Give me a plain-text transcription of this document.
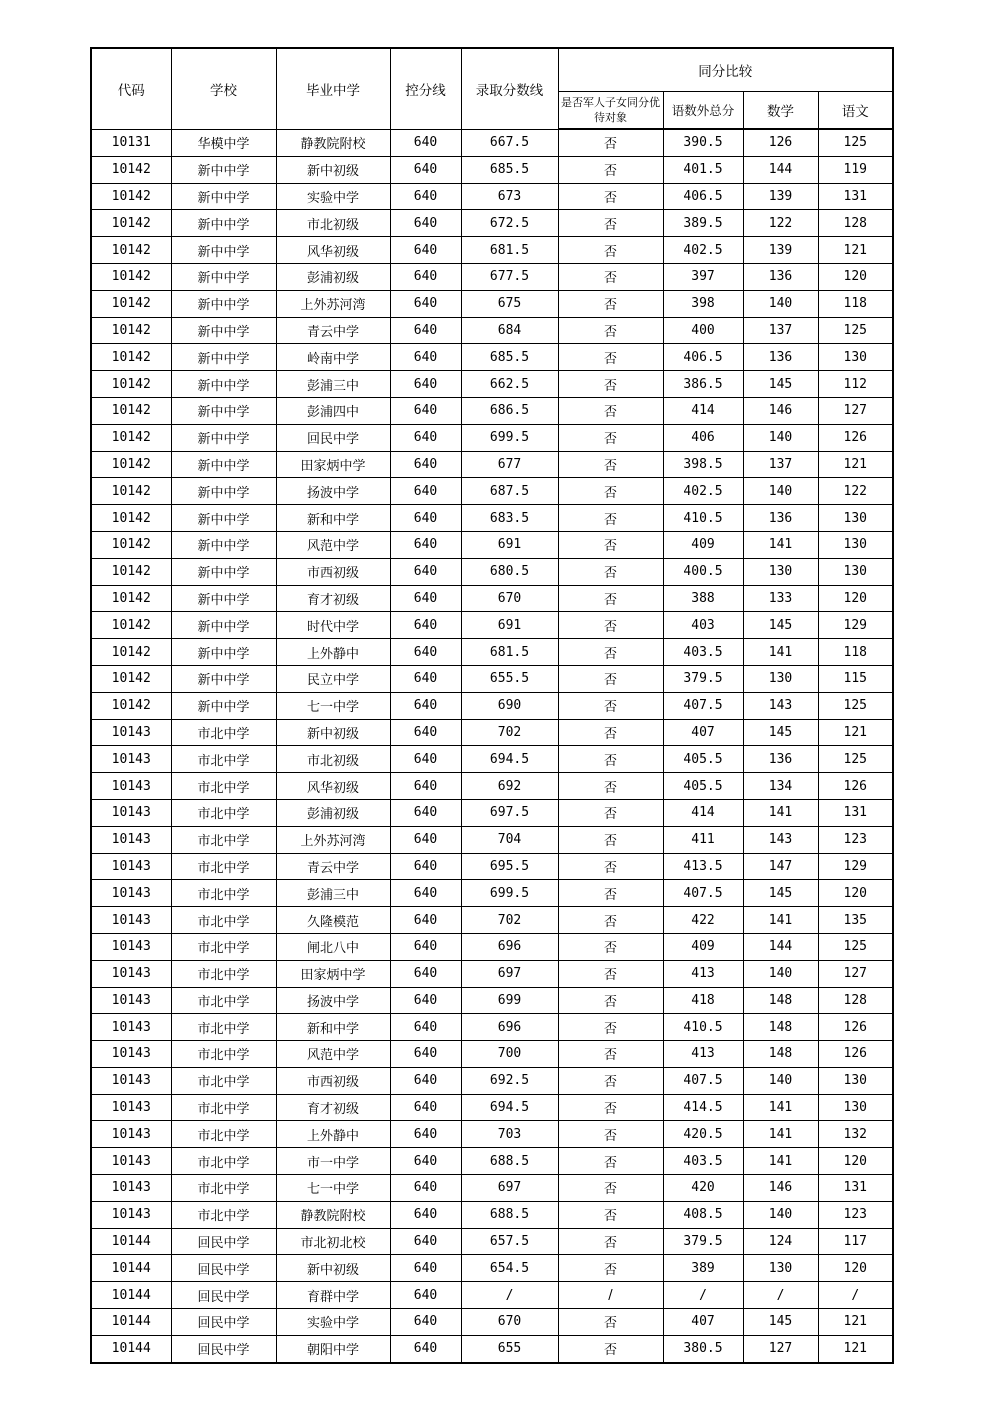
代码	学校	毕业中学	控分线	录取分数线	同分比较			
					是否军人子女同分优待对象	语数外总分	数学	语文
10131	华模中学	静教院附校	640	667.5	否	390.5	126	125
10142	新中中学	新中初级	640	685.5	否	401.5	144	119
10142	新中中学	实验中学	640	673	否	406.5	139	131
10142	新中中学	市北初级	640	672.5	否	389.5	122	128
10142	新中中学	风华初级	640	681.5	否	402.5	139	121
10142	新中中学	彭浦初级	640	677.5	否	397	136	120
10142	新中中学	上外苏河湾	640	675	否	398	140	118
10142	新中中学	青云中学	640	684	否	400	137	125
10142	新中中学	岭南中学	640	685.5	否	406.5	136	130
10142	新中中学	彭浦三中	640	662.5	否	386.5	145	112
10142	新中中学	彭浦四中	640	686.5	否	414	146	127
10142	新中中学	回民中学	640	699.5	否	406	140	126
10142	新中中学	田家炳中学	640	677	否	398.5	137	121
10142	新中中学	扬波中学	640	687.5	否	402.5	140	122
10142	新中中学	新和中学	640	683.5	否	410.5	136	130
10142	新中中学	风范中学	640	691	否	409	141	130
10142	新中中学	市西初级	640	680.5	否	400.5	130	130
10142	新中中学	育才初级	640	670	否	388	133	120
10142	新中中学	时代中学	640	691	否	403	145	129
10142	新中中学	上外静中	640	681.5	否	403.5	141	118
10142	新中中学	民立中学	640	655.5	否	379.5	130	115
10142	新中中学	七一中学	640	690	否	407.5	143	125
10143	市北中学	新中初级	640	702	否	407	145	121
10143	市北中学	市北初级	640	694.5	否	405.5	136	125
10143	市北中学	风华初级	640	692	否	405.5	134	126
10143	市北中学	彭浦初级	640	697.5	否	414	141	131
10143	市北中学	上外苏河湾	640	704	否	411	143	123
10143	市北中学	青云中学	640	695.5	否	413.5	147	129
10143	市北中学	彭浦三中	640	699.5	否	407.5	145	120
10143	市北中学	久隆模范	640	702	否	422	141	135
10143	市北中学	闸北八中	640	696	否	409	144	125
10143	市北中学	田家炳中学	640	697	否	413	140	127
10143	市北中学	扬波中学	640	699	否	418	148	128
10143	市北中学	新和中学	640	696	否	410.5	148	126
10143	市北中学	风范中学	640	700	否	413	148	126
10143	市北中学	市西初级	640	692.5	否	407.5	140	130
10143	市北中学	育才初级	640	694.5	否	414.5	141	130
10143	市北中学	上外静中	640	703	否	420.5	141	132
10143	市北中学	市一中学	640	688.5	否	403.5	141	120
10143	市北中学	七一中学	640	697	否	420	146	131
10143	市北中学	静教院附校	640	688.5	否	408.5	140	123
10144	回民中学	市北初北校	640	657.5	否	379.5	124	117
10144	回民中学	新中初级	640	654.5	否	389	130	120
10144	回民中学	育群中学	640	/	/	/	/	/
10144	回民中学	实验中学	640	670	否	407	145	121
10144	回民中学	朝阳中学	640	655	否	380.5	127	121
